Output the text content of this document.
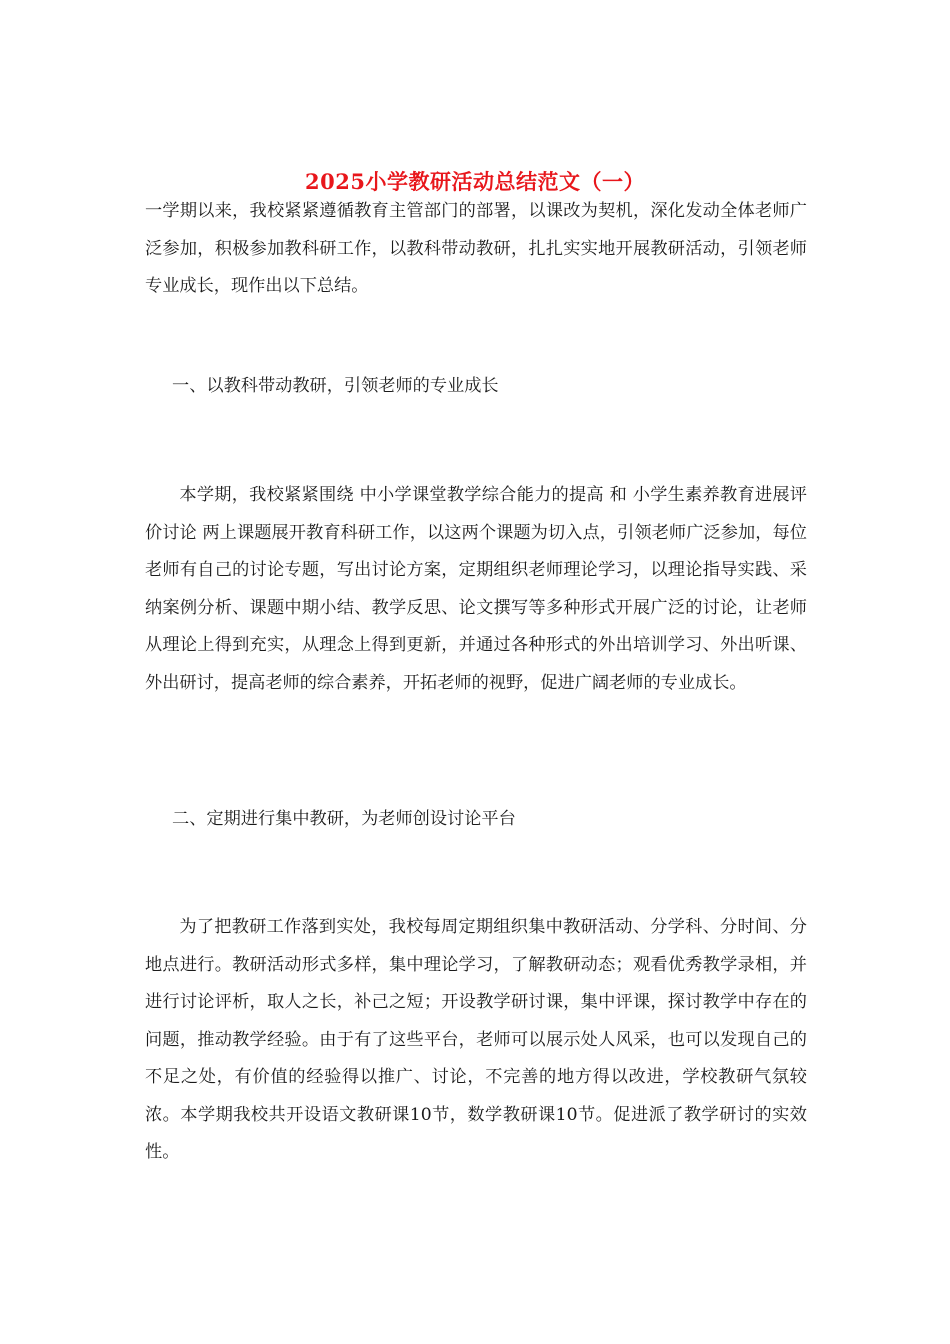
2025小学教研活动总结范文（一）

一学期以来，我校紧紧遵循教育主管部门的部署，以课改为契机，深化发动全体老师广泛参加，积极参加教科研工作，以教科带动教研，扎扎实实地开展教研活动，引领老师专业成长，现作出以下总结。

一、以教科带动教研，引领老师的专业成长

本学期，我校紧紧围绕 中小学课堂教学综合能力的提高 和 小学生素养教育进展评价讨论 两上课题展开教育科研工作，以这两个课题为切入点，引领老师广泛参加，每位老师有自己的讨论专题，写出讨论方案，定期组织老师理论学习，以理论指导实践、采纳案例分析、课题中期小结、教学反思、论文撰写等多种形式开展广泛的讨论，让老师从理论上得到充实，从理念上得到更新，并通过各种形式的外出培训学习、外出听课、外出研讨，提高老师的综合素养，开拓老师的视野，促进广阔老师的专业成长。

二、定期进行集中教研，为老师创设讨论平台

为了把教研工作落到实处，我校每周定期组织集中教研活动、分学科、分时间、分地点进行。教研活动形式多样，集中理论学习，了解教研动态；观看优秀教学录相，并进行讨论评析，取人之长，补己之短；开设教学研讨课，集中评课，探讨教学中存在的问题，推动教学经验。由于有了这些平台，老师可以展示处人风采，也可以发现自己的不足之处，有价值的经验得以推广、讨论，不完善的地方得以改进，学校教研气氛较浓。本学期我校共开设语文教研课10节，数学教研课10节。促进派了教学研讨的实效性。
